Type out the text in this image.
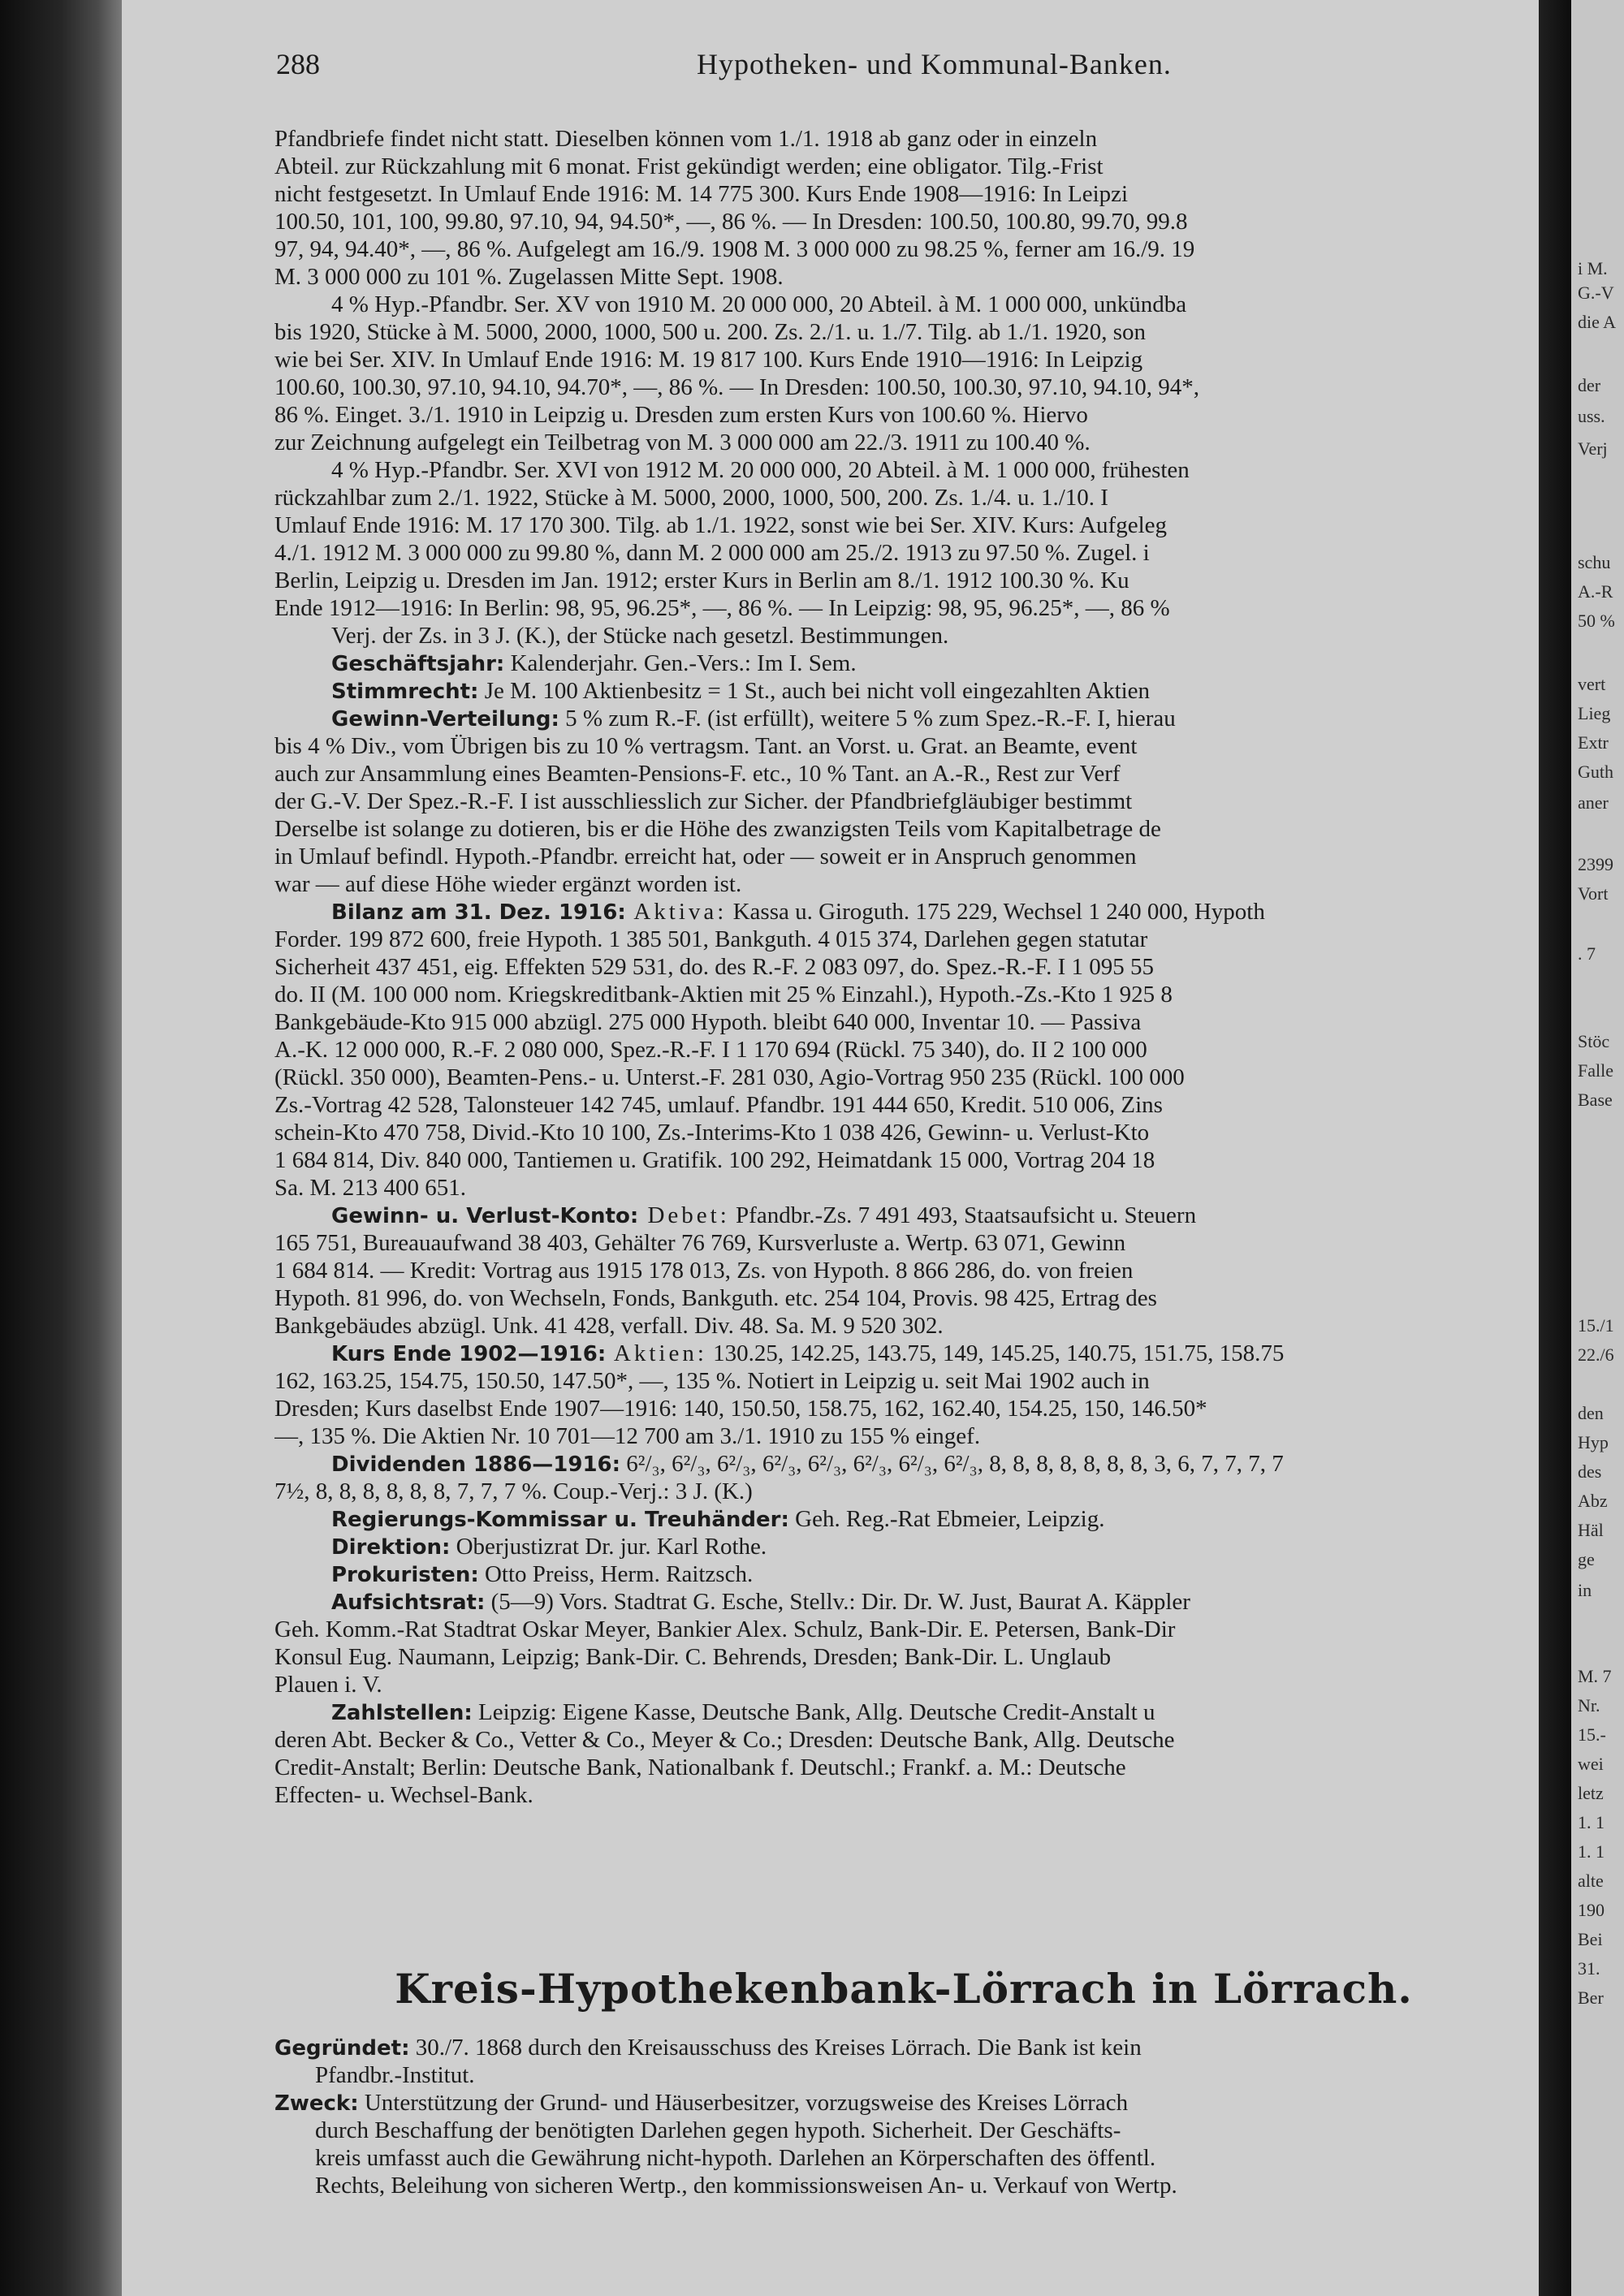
i M.
G.-V
die A
der
uss.
Verj
schu
A.-R
50 %
vert
Lieg
Extr
Guth
aner
2399
Vort
. 7
Stöc
Falle
Base
15./1
22./6
den
Hyp
des
Abz
Häl
ge
in
M. 7
Nr.
15.-
wei
letz
1. 1
1. 1
alte
190
Bei
31.
Ber
288	Hypotheken- und Kommunal-Banken.
Pfandbriefe findet nicht statt. Dieselben können vom 1./1. 1918 ab ganz oder in einzeln
Abteil. zur Rückzahlung mit 6 monat. Frist gekündigt werden; eine obligator. Tilg.-Frist
nicht festgesetzt. In Umlauf Ende 1916: M. 14 775 300. Kurs Ende 1908—1916: In Leipzi
100.50, 101, 100, 99.80, 97.10, 94, 94.50*, —, 86 %. — In Dresden: 100.50, 100.80, 99.70, 99.8
97, 94, 94.40*, —, 86 %. Aufgelegt am 16./9. 1908 M. 3 000 000 zu 98.25 %, ferner am 16./9. 19
M. 3 000 000 zu 101 %. Zugelassen Mitte Sept. 1908.
4 % Hyp.-Pfandbr. Ser. XV von 1910 M. 20 000 000, 20 Abteil. à M. 1 000 000, unkündba
bis 1920, Stücke à M. 5000, 2000, 1000, 500 u. 200. Zs. 2./1. u. 1./7. Tilg. ab 1./1. 1920, son
wie bei Ser. XIV. In Umlauf Ende 1916: M. 19 817 100. Kurs Ende 1910—1916: In Leipzig
100.60, 100.30, 97.10, 94.10, 94.70*, —, 86 %. — In Dresden: 100.50, 100.30, 97.10, 94.10, 94*,
86 %. Einget. 3./1. 1910 in Leipzig u. Dresden zum ersten Kurs von 100.60 %. Hiervo
zur Zeichnung aufgelegt ein Teilbetrag von M. 3 000 000 am 22./3. 1911 zu 100.40 %.
4 % Hyp.-Pfandbr. Ser. XVI von 1912 M. 20 000 000, 20 Abteil. à M. 1 000 000, frühesten
rückzahlbar zum 2./1. 1922, Stücke à M. 5000, 2000, 1000, 500, 200. Zs. 1./4. u. 1./10. I
Umlauf Ende 1916: M. 17 170 300. Tilg. ab 1./1. 1922, sonst wie bei Ser. XIV. Kurs: Aufgeleg
4./1. 1912 M. 3 000 000 zu 99.80 %, dann M. 2 000 000 am 25./2. 1913 zu 97.50 %. Zugel. i
Berlin, Leipzig u. Dresden im Jan. 1912; erster Kurs in Berlin am 8./1. 1912 100.30 %. Ku
Ende 1912—1916: In Berlin: 98, 95, 96.25*, —, 86 %. — In Leipzig: 98, 95, 96.25*, —, 86 %
Verj. der Zs. in 3 J. (K.), der Stücke nach gesetzl. Bestimmungen.
Geschäftsjahr: Kalenderjahr. Gen.-Vers.: Im I. Sem.
Stimmrecht: Je M. 100 Aktienbesitz = 1 St., auch bei nicht voll eingezahlten Aktien
Gewinn-Verteilung: 5 % zum R.-F. (ist erfüllt), weitere 5 % zum Spez.-R.-F. I, hierau
bis 4 % Div., vom Übrigen bis zu 10 % vertragsm. Tant. an Vorst. u. Grat. an Beamte, event
auch zur Ansammlung eines Beamten-Pensions-F. etc., 10 % Tant. an A.-R., Rest zur Verf
der G.-V. Der Spez.-R.-F. I ist ausschliesslich zur Sicher. der Pfandbriefgläubiger bestimmt
Derselbe ist solange zu dotieren, bis er die Höhe des zwanzigsten Teils vom Kapitalbetrage de
in Umlauf befindl. Hypoth.-Pfandbr. erreicht hat, oder — soweit er in Anspruch genommen
war — auf diese Höhe wieder ergänzt worden ist.
Bilanz am 31. Dez. 1916: Aktiva: Kassa u. Giroguth. 175 229, Wechsel 1 240 000, Hypoth
Forder. 199 872 600, freie Hypoth. 1 385 501, Bankguth. 4 015 374, Darlehen gegen statutar
Sicherheit 437 451, eig. Effekten 529 531, do. des R.-F. 2 083 097, do. Spez.-R.-F. I 1 095 55
do. II (M. 100 000 nom. Kriegskreditbank-Aktien mit 25 % Einzahl.), Hypoth.-Zs.-Kto 1 925 8
Bankgebäude-Kto 915 000 abzügl. 275 000 Hypoth. bleibt 640 000, Inventar 10. — Passiva
A.-K. 12 000 000, R.-F. 2 080 000, Spez.-R.-F. I 1 170 694 (Rückl. 75 340), do. II 2 100 000
(Rückl. 350 000), Beamten-Pens.- u. Unterst.-F. 281 030, Agio-Vortrag 950 235 (Rückl. 100 000
Zs.-Vortrag 42 528, Talonsteuer 142 745, umlauf. Pfandbr. 191 444 650, Kredit. 510 006, Zins
schein-Kto 470 758, Divid.-Kto 10 100, Zs.-Interims-Kto 1 038 426, Gewinn- u. Verlust-Kto
1 684 814, Div. 840 000, Tantiemen u. Gratifik. 100 292, Heimatdank 15 000, Vortrag 204 18
Sa. M. 213 400 651.
Gewinn- u. Verlust-Konto: Debet: Pfandbr.-Zs. 7 491 493, Staatsaufsicht u. Steuern
165 751, Bureauaufwand 38 403, Gehälter 76 769, Kursverluste a. Wertp. 63 071, Gewinn
1 684 814. — Kredit: Vortrag aus 1915 178 013, Zs. von Hypoth. 8 866 286, do. von freien
Hypoth. 81 996, do. von Wechseln, Fonds, Bankguth. etc. 254 104, Provis. 98 425, Ertrag des
Bankgebäudes abzügl. Unk. 41 428, verfall. Div. 48. Sa. M. 9 520 302.
Kurs Ende 1902—1916: Aktien: 130.25, 142.25, 143.75, 149, 145.25, 140.75, 151.75, 158.75
162, 163.25, 154.75, 150.50, 147.50*, —, 135 %. Notiert in Leipzig u. seit Mai 1902 auch in
Dresden; Kurs daselbst Ende 1907—1916: 140, 150.50, 158.75, 162, 162.40, 154.25, 150, 146.50*
—, 135 %. Die Aktien Nr. 10 701—12 700 am 3./1. 1910 zu 155 % eingef.
Dividenden 1886—1916: 6²/₃, 6²/₃, 6²/₃, 6²/₃, 6²/₃, 6²/₃, 6²/₃, 6²/₃, 8, 8, 8, 8, 8, 8, 8, 3, 6, 7, 7, 7, 7
7½, 8, 8, 8, 8, 8, 8, 7, 7, 7 %. Coup.-Verj.: 3 J. (K.)
Regierungs-Kommissar u. Treuhänder: Geh. Reg.-Rat Ebmeier, Leipzig.
Direktion: Oberjustizrat Dr. jur. Karl Rothe.
Prokuristen: Otto Preiss, Herm. Raitzsch.
Aufsichtsrat: (5—9) Vors. Stadtrat G. Esche, Stellv.: Dir. Dr. W. Just, Baurat A. Käppler
Geh. Komm.-Rat Stadtrat Oskar Meyer, Bankier Alex. Schulz, Bank-Dir. E. Petersen, Bank-Dir
Konsul Eug. Naumann, Leipzig; Bank-Dir. C. Behrends, Dresden; Bank-Dir. L. Unglaub
Plauen i. V.
Zahlstellen: Leipzig: Eigene Kasse, Deutsche Bank, Allg. Deutsche Credit-Anstalt u
deren Abt. Becker & Co., Vetter & Co., Meyer & Co.; Dresden: Deutsche Bank, Allg. Deutsche
Credit-Anstalt; Berlin: Deutsche Bank, Nationalbank f. Deutschl.; Frankf. a. M.: Deutsche
Effecten- u. Wechsel-Bank.
Kreis-Hypothekenbank-Lörrach in Lörrach.
Gegründet: 30./7. 1868 durch den Kreisausschuss des Kreises Lörrach. Die Bank ist kein
Pfandbr.-Institut.
Zweck: Unterstützung der Grund- und Häuserbesitzer, vorzugsweise des Kreises Lörrach
durch Beschaffung der benötigten Darlehen gegen hypoth. Sicherheit. Der Geschäfts-
kreis umfasst auch die Gewährung nicht-hypoth. Darlehen an Körperschaften des öffentl.
Rechts, Beleihung von sicheren Wertp., den kommissionsweisen An- u. Verkauf von Wertp.
